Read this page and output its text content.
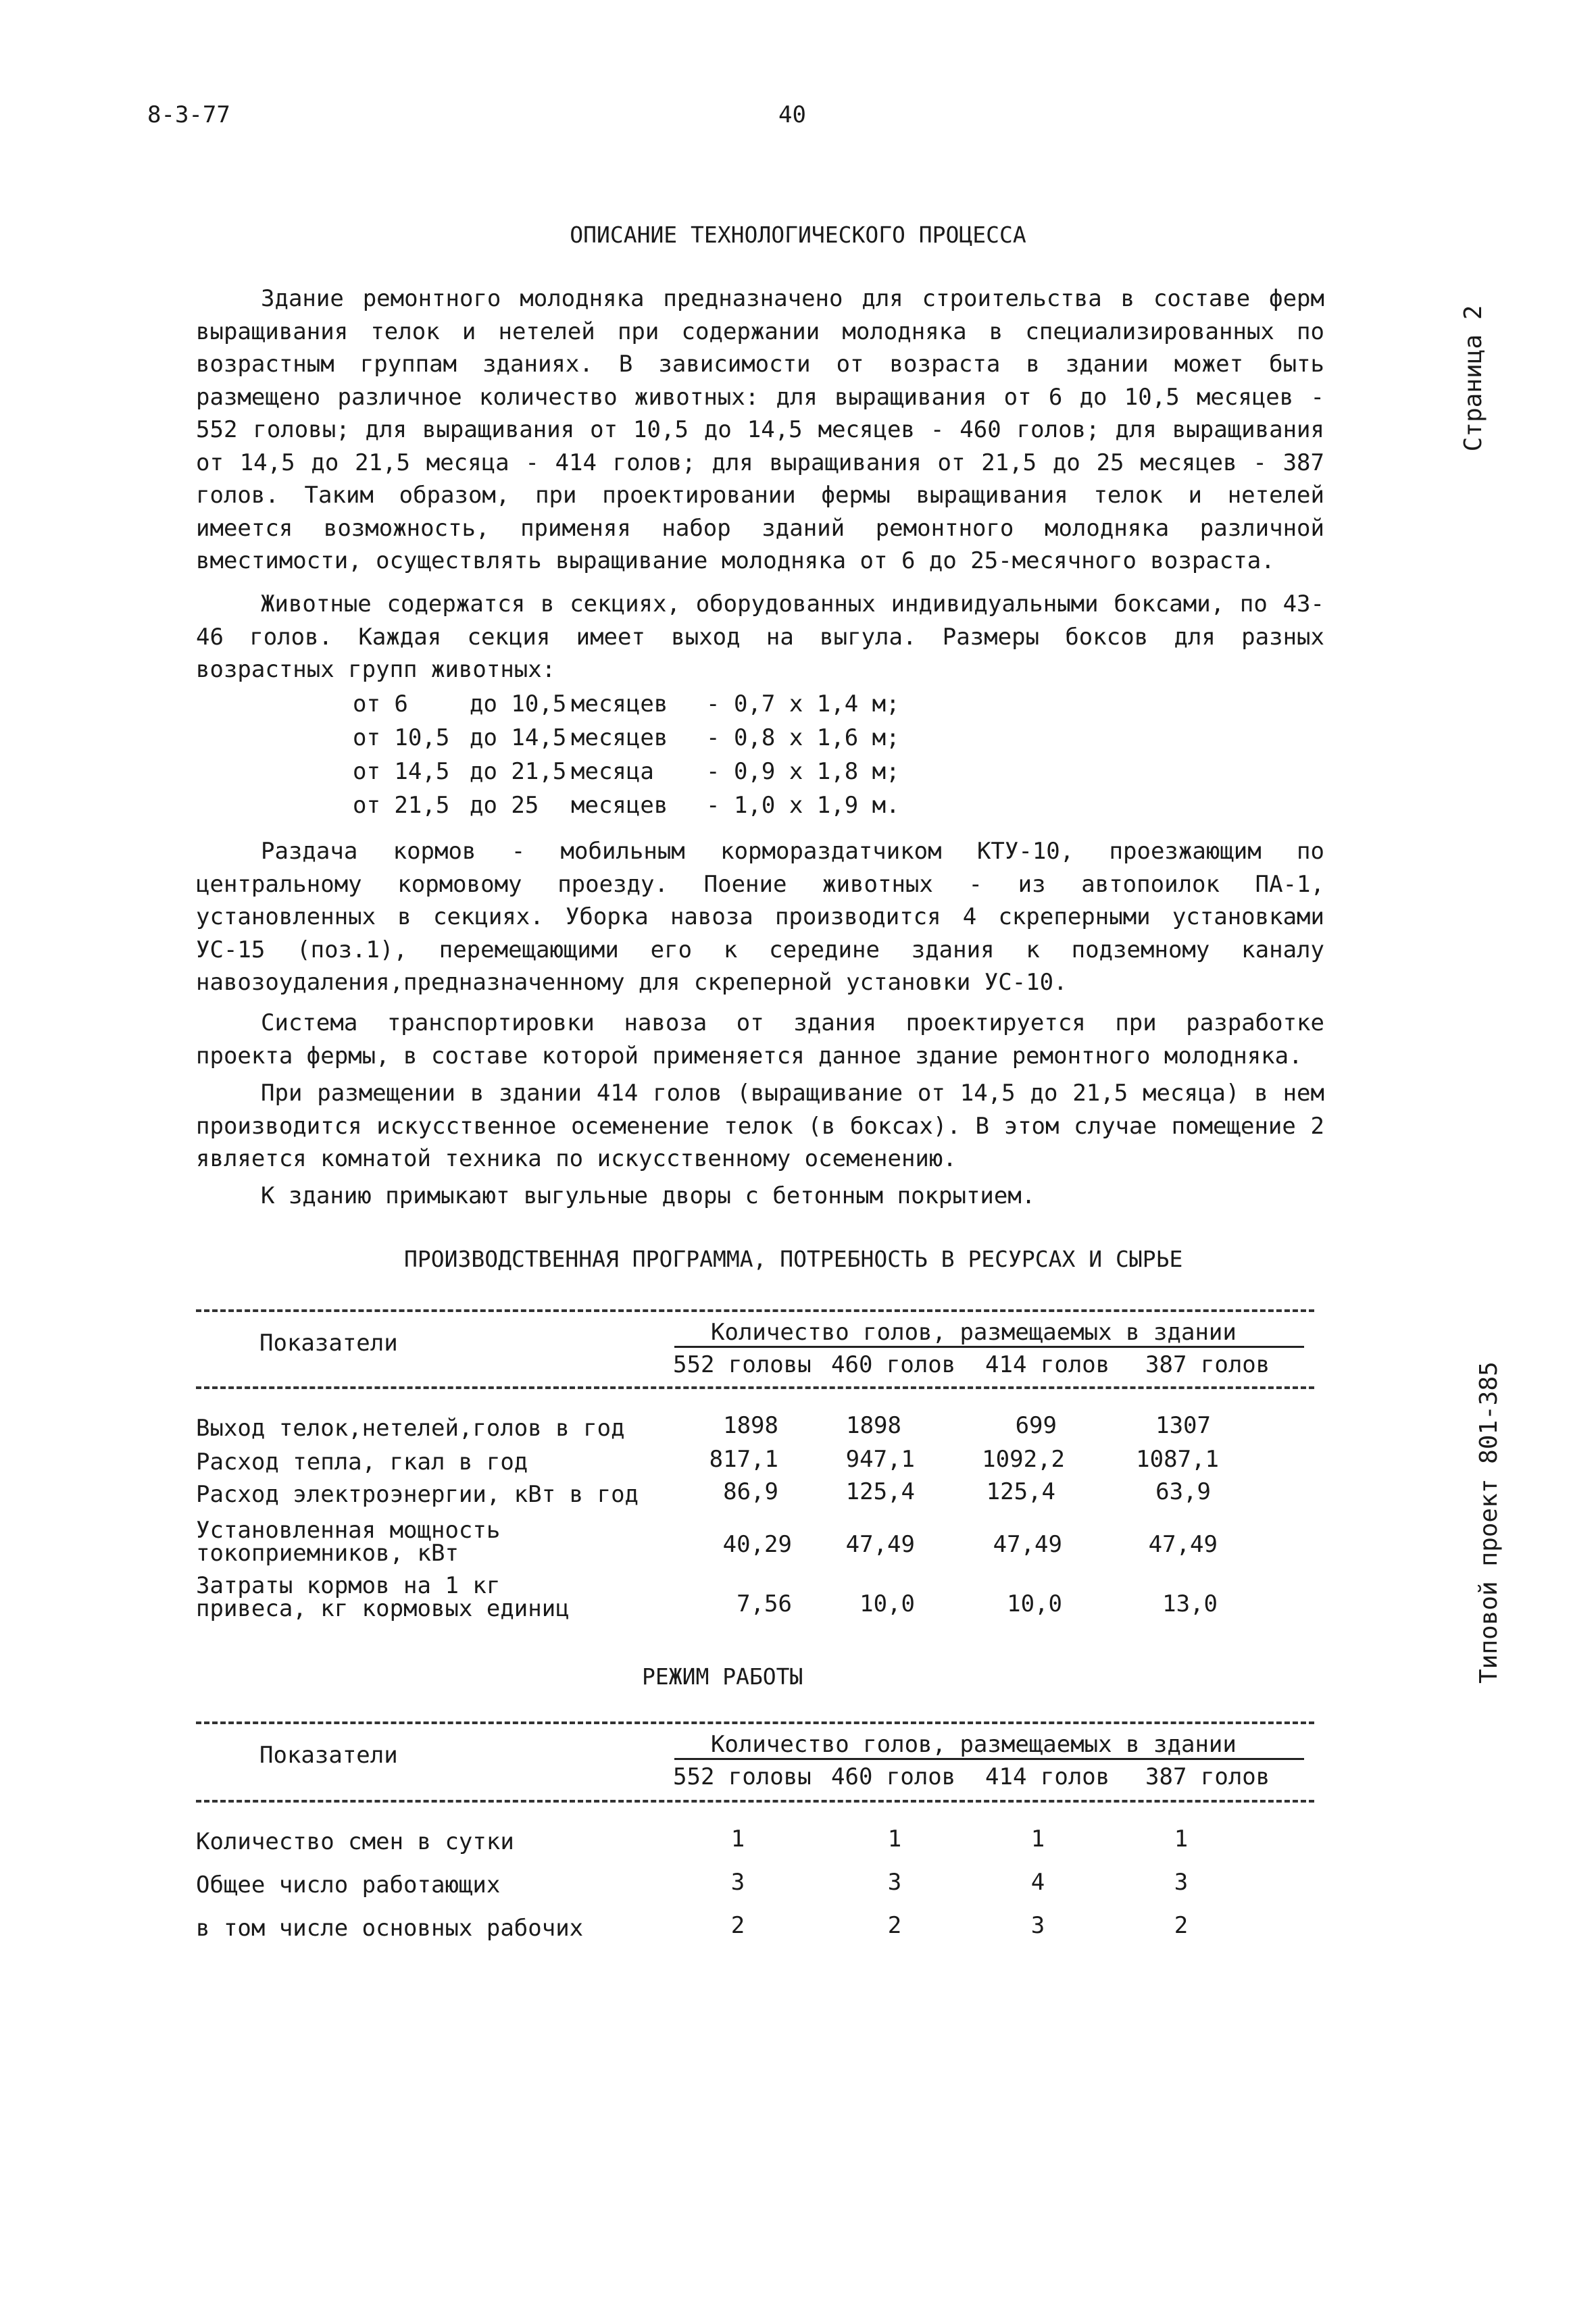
8-3-77	40
Страница 2
Типовой проект 801-385
ОПИСАНИЕ ТЕХНОЛОГИЧЕСКОГО ПРОЦЕССА
Здание ремонтного молодняка предназначено для строительства в составе ферм выращивания телок и нетелей при содержании молодняка в специализированных по возрастным группам зданиях. В зависимости от возраста в здании может быть размещено различное количество животных: для выращивания от 6 до 10,5 месяцев - 552 головы; для выращивания от 10,5 до 14,5 месяцев - 460 голов; для выращивания от 14,5 до 21,5 месяца - 414 голов; для выращивания от 21,5 до 25 месяцев - 387 голов. Таким образом, при проектировании фермы выращивания телок и нетелей имеется возможность, применяя набор зданий ремонтного молодняка различной вместимости, осуществлять выращивание молодняка от 6 до 25-месячного возраста.
Животные содержатся в секциях, оборудованных индивидуальными боксами, по 43-46 голов. Каждая секция имеет выход на выгула. Размеры боксов для разных возрастных групп животных:
от 6	до 10,5 месяцев - 0,7 х 1,4 м;
от 10,5 до 14,5 месяцев - 0,8 х 1,6 м;
от 14,5 до 21,5 месяца - 0,9 х 1,8 м;
от 21,5 до 25 месяцев - 1,0 х 1,9 м.
Раздача кормов - мобильным кормораздатчиком КТУ-10, проезжающим по центральному кормовому проезду. Поение животных - из автопоилок ПА-1, установленных в секциях. Уборка навоза производится 4 скреперными установками УС-15 (поз.1), перемещающими его к середине здания к подземному каналу навозоудаления,предназначенному для скреперной установки УС-10.
Система транспортировки навоза от здания проектируется при разработке проекта фермы, в составе которой применяется данное здание ремонтного молодняка.
При размещении в здании 414 голов (выращивание от 14,5 до 21,5 месяца) в нем производится искусственное осеменение телок (в боксах). В этом случае помещение 2 является комнатой техника по искусственному осеменению.
К зданию примыкают выгульные дворы с бетонным покрытием.
ПРОИЗВОДСТВЕННАЯ ПРОГРАММА, ПОТРЕБНОСТЬ В РЕСУРСАХ И СЫРЬЕ
Показатели	Количество голов, размещаемых в здании
552 головы 460 голов 414 голов 387 голов
Выход телок,нетелей,голов в год	1898	1898	699	1307
Расход тепла, гкал в год	817,1	947,1	1092,2	1087,1
Расход электроэнергии, кВт в год	86,9	125,4	125,4	63,9
Установленная мощность токоприемников, кВт	40,29	47,49	47,49	47,49
Затраты кормов на 1 кг привеса, кг кормовых единиц	7,56	10,0	10,0	13,0
РЕЖИМ РАБОТЫ
Показатели	Количество голов, размещаемых в здании
552 головы 460 голов 414 голов 387 голов
Количество смен в сутки	1	1	1	1
Общее число работающих	3	3	4	3
в том числе основных рабочих	2	2	3	2
